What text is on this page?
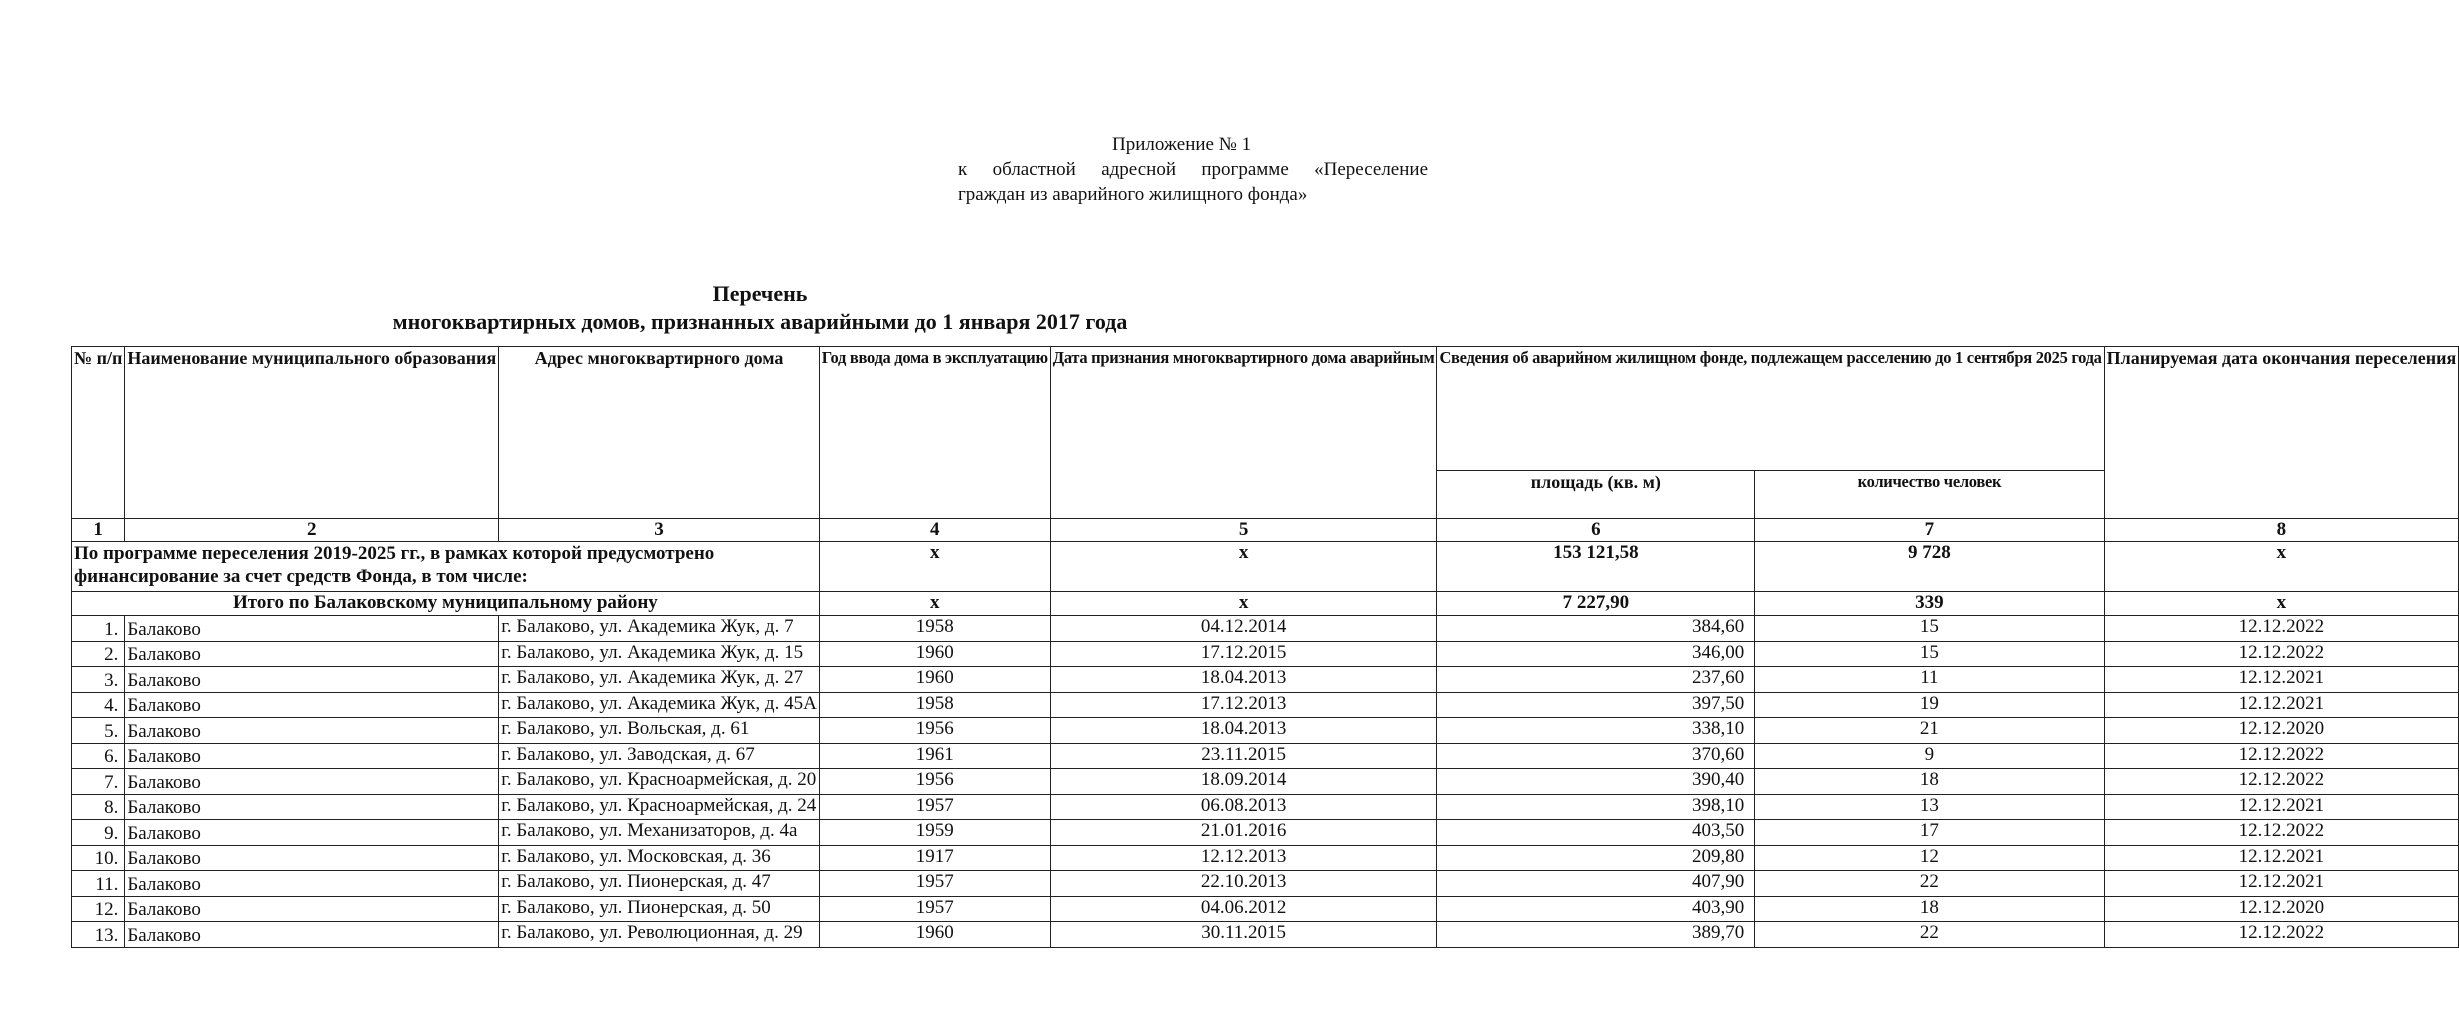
Приложение № 1
к областной адресной программе «Переселение
граждан из аварийного жилищного фонда»
Перечень
многоквартирных домов, признанных аварийными до 1 января 2017 года
№ п/п	Наименование муниципального образования	Адрес многоквартирного дома	Год ввода дома в эксплуатацию	Дата признания многоквартирного дома аварийным	Сведения об аварийном жилищном фонде, подлежащем расселению до 1 сентября 2025 года		Планируемая дата окончания переселения
					площадь (кв. м)	количество человек	
1	2	3	4	5	6	7	8
По программе переселения 2019-2025 гг., в рамках которой предусмотрено финансирование за счет средств Фонда, в том числе:			х	х	153 121,58	9 728	х
Итого по Балаковскому муниципальному району			х	х	7 227,90	339	х
1.	Балаково	г. Балаково, ул. Академика Жук, д. 7	1958	04.12.2014	384,60	15	12.12.2022
2.	Балаково	г. Балаково, ул. Академика Жук, д. 15	1960	17.12.2015	346,00	15	12.12.2022
3.	Балаково	г. Балаково, ул. Академика Жук, д. 27	1960	18.04.2013	237,60	11	12.12.2021
4.	Балаково	г. Балаково, ул. Академика Жук, д. 45А	1958	17.12.2013	397,50	19	12.12.2021
5.	Балаково	г. Балаково, ул. Вольская, д. 61	1956	18.04.2013	338,10	21	12.12.2020
6.	Балаково	г. Балаково, ул. Заводская, д. 67	1961	23.11.2015	370,60	9	12.12.2022
7.	Балаково	г. Балаково, ул. Красноармейская, д. 20	1956	18.09.2014	390,40	18	12.12.2022
8.	Балаково	г. Балаково, ул. Красноармейская, д. 24	1957	06.08.2013	398,10	13	12.12.2021
9.	Балаково	г. Балаково, ул. Механизаторов, д. 4а	1959	21.01.2016	403,50	17	12.12.2022
10.	Балаково	г. Балаково, ул. Московская, д. 36	1917	12.12.2013	209,80	12	12.12.2021
11.	Балаково	г. Балаково, ул. Пионерская, д. 47	1957	22.10.2013	407,90	22	12.12.2021
12.	Балаково	г. Балаково, ул. Пионерская, д. 50	1957	04.06.2012	403,90	18	12.12.2020
13.	Балаково	г. Балаково, ул. Революционная, д. 29	1960	30.11.2015	389,70	22	12.12.2022
